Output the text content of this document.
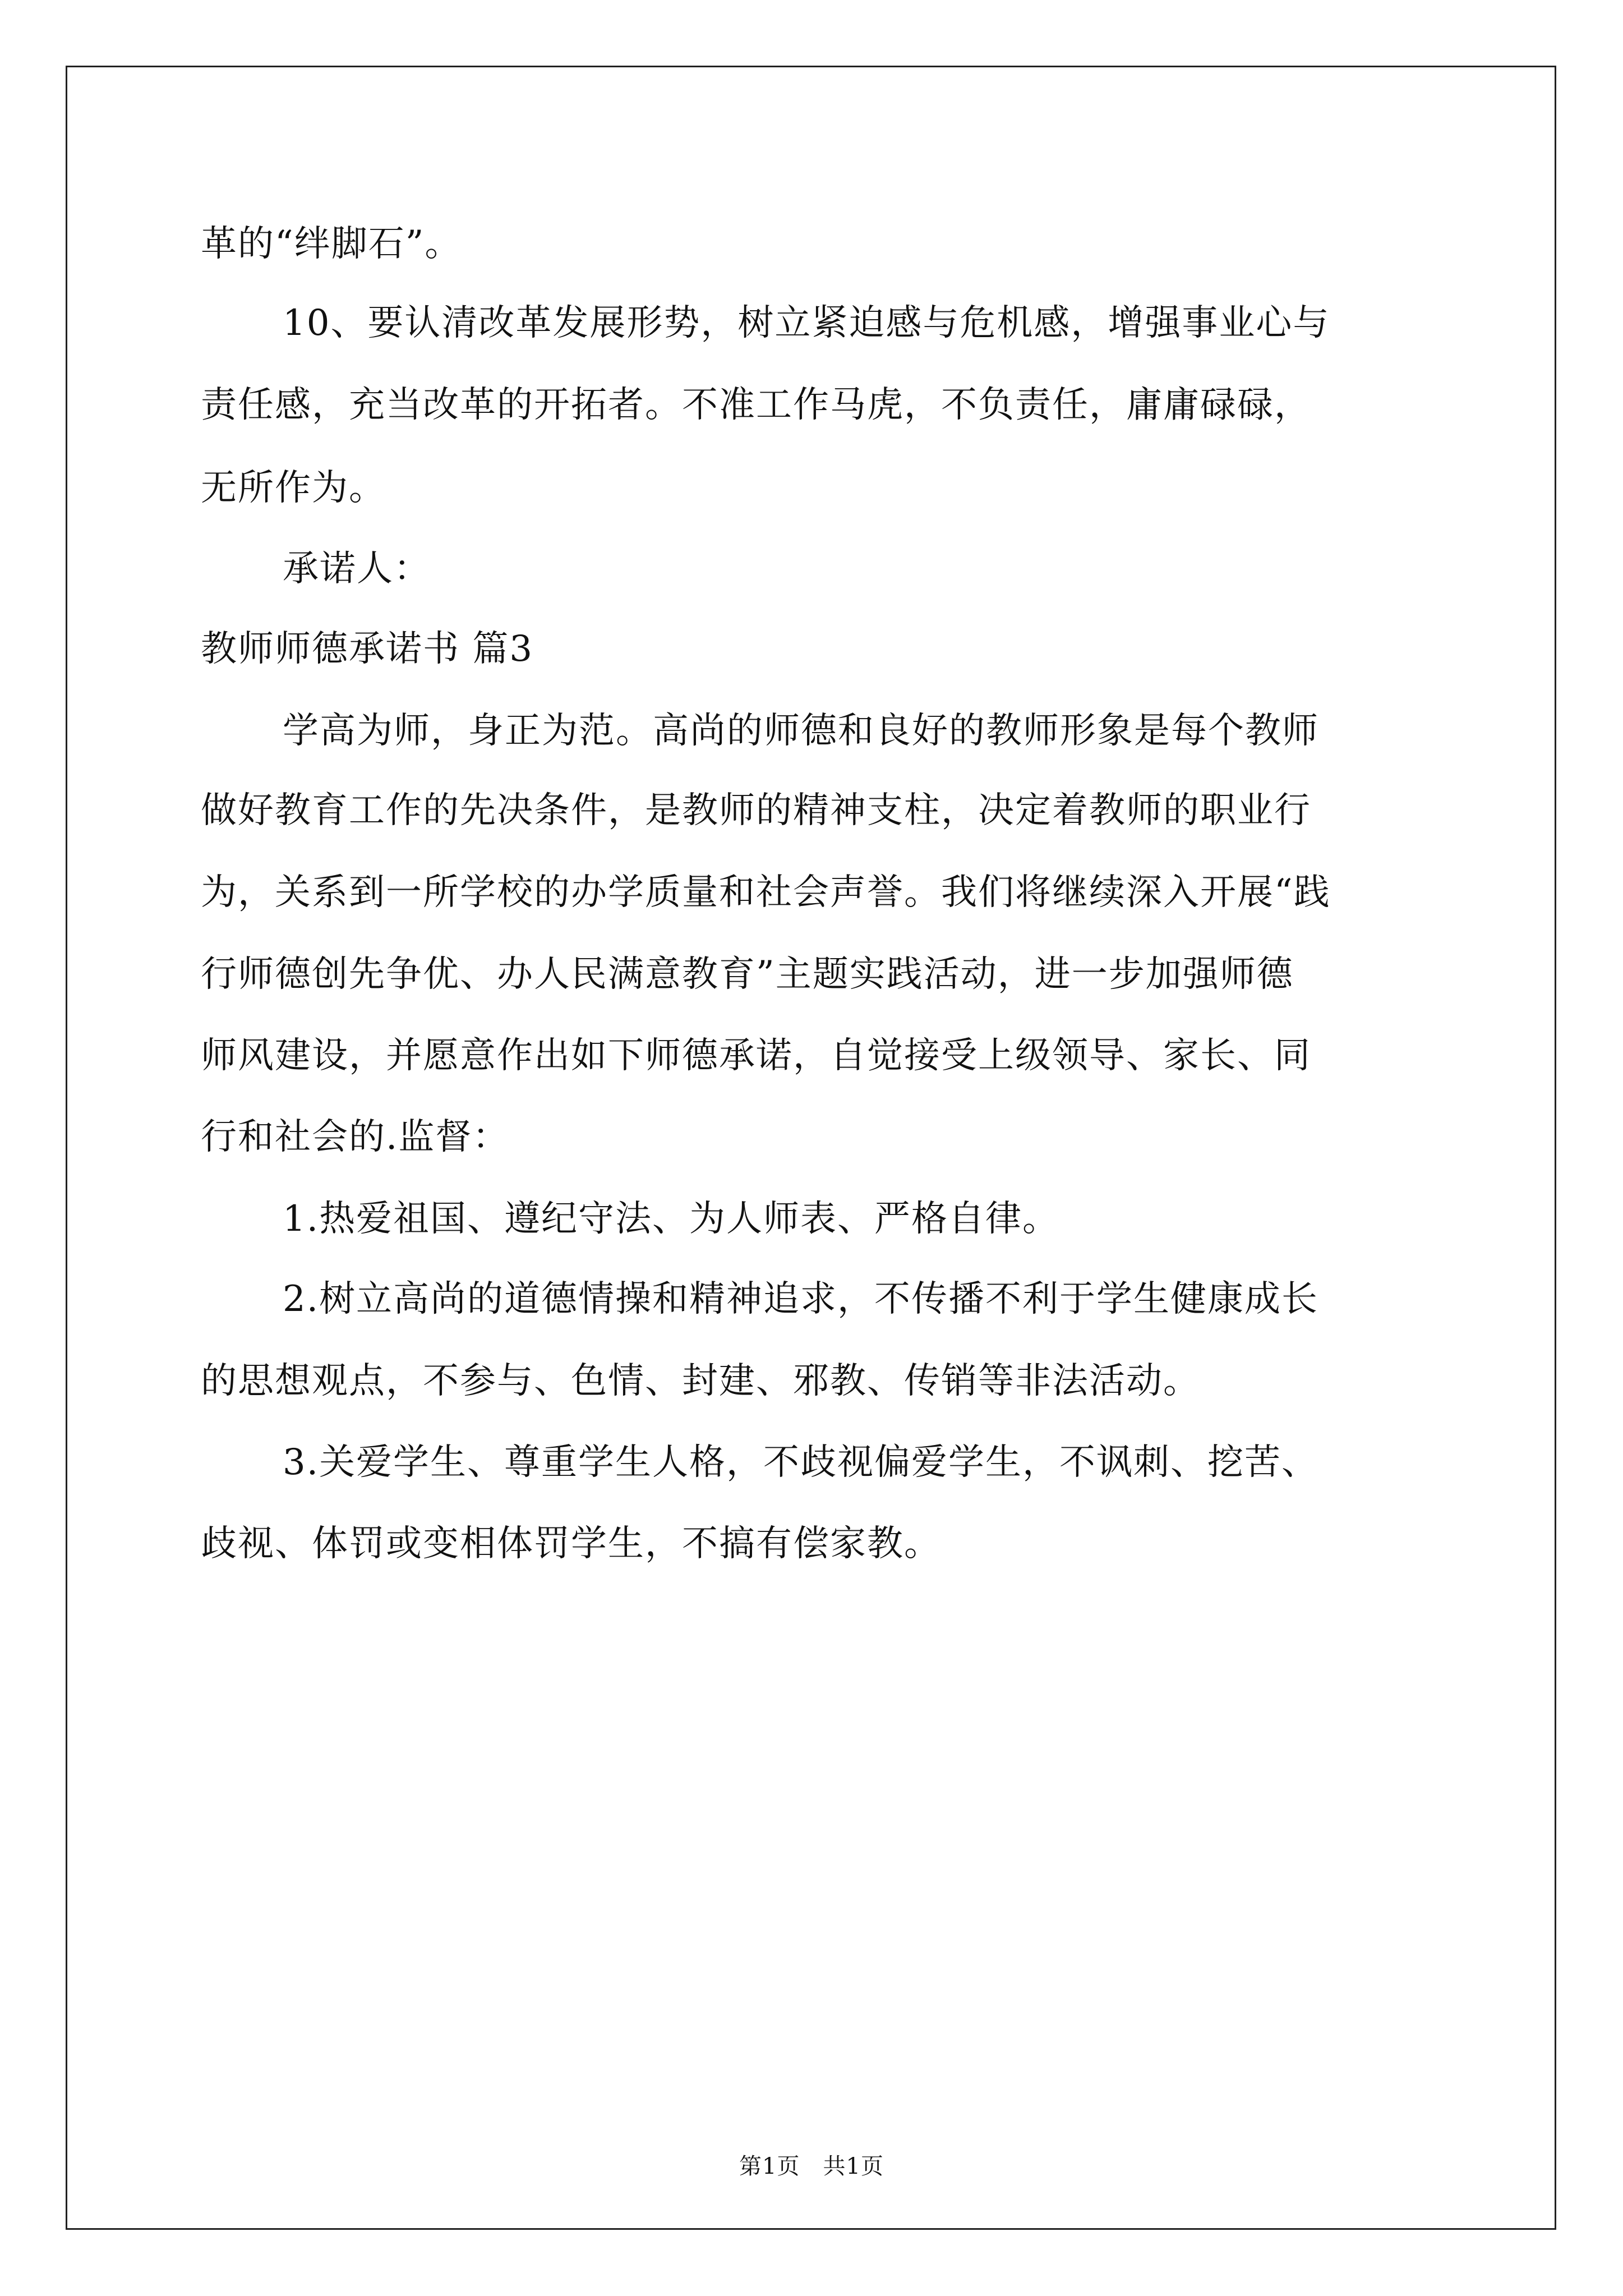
革的“绊脚石”。
10、要认清改革发展形势，树立紧迫感与危机感，增强事业心与
责任感，充当改革的开拓者。不准工作马虎，不负责任，庸庸碌碌，
无所作为。
承诺人：
教师师德承诺书 篇3
学高为师，身正为范。高尚的师德和良好的教师形象是每个教师
做好教育工作的先决条件，是教师的精神支柱，决定着教师的职业行
为，关系到一所学校的办学质量和社会声誉。我们将继续深入开展“践
行师德创先争优、办人民满意教育”主题实践活动，进一步加强师德
师风建设，并愿意作出如下师德承诺，自觉接受上级领导、家长、同
行和社会的.监督：
1.热爱祖国、遵纪守法、为人师表、严格自律。
2.树立高尚的道德情操和精神追求，不传播不利于学生健康成长
的思想观点，不参与、色情、封建、邪教、传销等非法活动。
3.关爱学生、尊重学生人格，不歧视偏爱学生，不讽刺、挖苦、
歧视、体罚或变相体罚学生，不搞有偿家教。
第1页　共1页
